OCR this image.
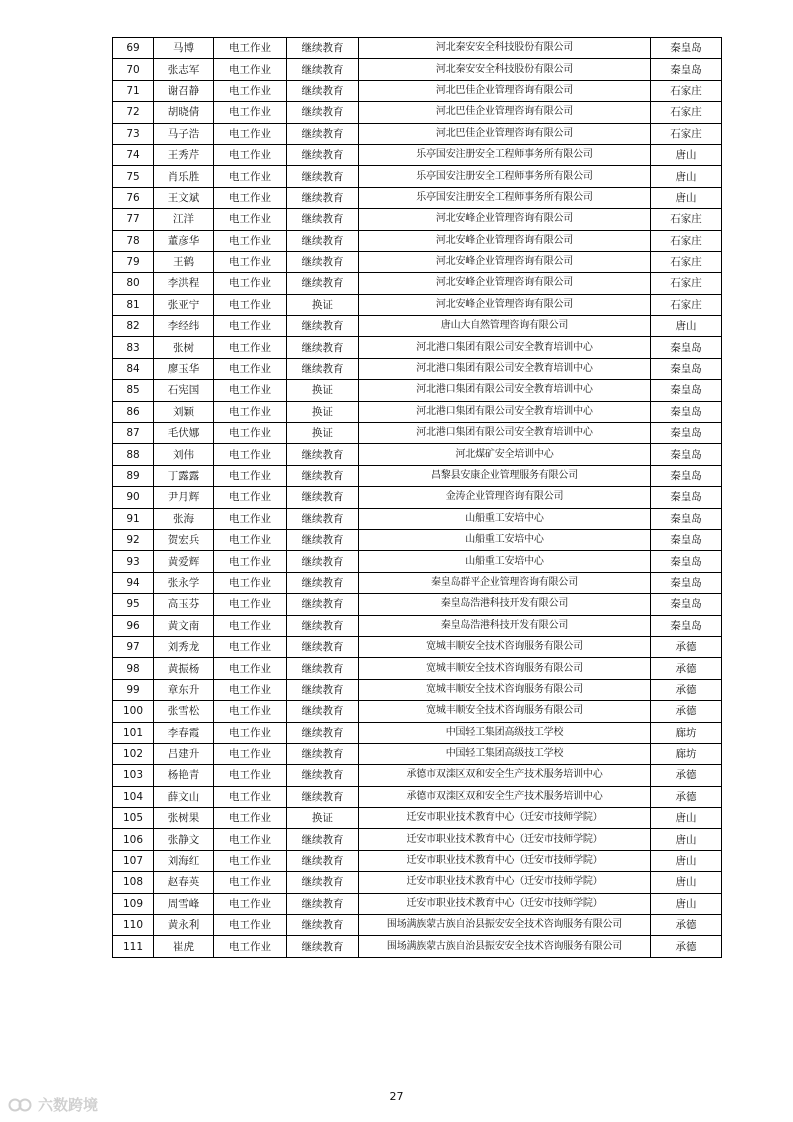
69	马博	电工作业	继续教育	河北秦安安全科技股份有限公司	秦皇岛
70	张志军	电工作业	继续教育	河北秦安安全科技股份有限公司	秦皇岛
71	谢召静	电工作业	继续教育	河北巴佳企业管理咨询有限公司	石家庄
72	胡晓倩	电工作业	继续教育	河北巴佳企业管理咨询有限公司	石家庄
73	马子浩	电工作业	继续教育	河北巴佳企业管理咨询有限公司	石家庄
74	王秀芹	电工作业	继续教育	乐亭国安注册安全工程师事务所有限公司	唐山
75	肖乐胜	电工作业	继续教育	乐亭国安注册安全工程师事务所有限公司	唐山
76	王文斌	电工作业	继续教育	乐亭国安注册安全工程师事务所有限公司	唐山
77	江洋	电工作业	继续教育	河北安峰企业管理咨询有限公司	石家庄
78	董彦华	电工作业	继续教育	河北安峰企业管理咨询有限公司	石家庄
79	王鹤	电工作业	继续教育	河北安峰企业管理咨询有限公司	石家庄
80	李洪程	电工作业	继续教育	河北安峰企业管理咨询有限公司	石家庄
81	张亚宁	电工作业	换证	河北安峰企业管理咨询有限公司	石家庄
82	李经纬	电工作业	继续教育	唐山大自然管理咨询有限公司	唐山
83	张树	电工作业	继续教育	河北港口集团有限公司安全教育培训中心	秦皇岛
84	廖玉华	电工作业	继续教育	河北港口集团有限公司安全教育培训中心	秦皇岛
85	石宪国	电工作业	换证	河北港口集团有限公司安全教育培训中心	秦皇岛
86	刘颖	电工作业	换证	河北港口集团有限公司安全教育培训中心	秦皇岛
87	毛伏娜	电工作业	换证	河北港口集团有限公司安全教育培训中心	秦皇岛
88	刘伟	电工作业	继续教育	河北煤矿安全培训中心	秦皇岛
89	丁露露	电工作业	继续教育	昌黎县安康企业管理服务有限公司	秦皇岛
90	尹月辉	电工作业	继续教育	金涛企业管理咨询有限公司	秦皇岛
91	张海	电工作业	继续教育	山船重工安培中心	秦皇岛
92	贺宏兵	电工作业	继续教育	山船重工安培中心	秦皇岛
93	黄爱辉	电工作业	继续教育	山船重工安培中心	秦皇岛
94	张永学	电工作业	继续教育	秦皇岛群平企业管理咨询有限公司	秦皇岛
95	高玉芬	电工作业	继续教育	秦皇岛浩港科技开发有限公司	秦皇岛
96	黄文南	电工作业	继续教育	秦皇岛浩港科技开发有限公司	秦皇岛
97	刘秀龙	电工作业	继续教育	宽城丰顺安全技术咨询服务有限公司	承德
98	黄振杨	电工作业	继续教育	宽城丰顺安全技术咨询服务有限公司	承德
99	章东升	电工作业	继续教育	宽城丰顺安全技术咨询服务有限公司	承德
100	张雪松	电工作业	继续教育	宽城丰顺安全技术咨询服务有限公司	承德
101	李春霞	电工作业	继续教育	中国轻工集团高级技工学校	廊坊
102	吕建升	电工作业	继续教育	中国轻工集团高级技工学校	廊坊
103	杨艳青	电工作业	继续教育	承德市双滦区双和安全生产技术服务培训中心	承德
104	薛文山	电工作业	继续教育	承德市双滦区双和安全生产技术服务培训中心	承德
105	张树果	电工作业	换证	迁安市职业技术教育中心（迁安市技师学院）	唐山
106	张静文	电工作业	继续教育	迁安市职业技术教育中心（迁安市技师学院）	唐山
107	刘海红	电工作业	继续教育	迁安市职业技术教育中心（迁安市技师学院）	唐山
108	赵春英	电工作业	继续教育	迁安市职业技术教育中心（迁安市技师学院）	唐山
109	周雪峰	电工作业	继续教育	迁安市职业技术教育中心（迁安市技师学院）	唐山
110	黄永利	电工作业	继续教育	围场满族蒙古族自治县振安安全技术咨询服务有限公司	承德
111	崔虎	电工作业	继续教育	围场满族蒙古族自治县振安安全技术咨询服务有限公司	承德
27
六数跨境
